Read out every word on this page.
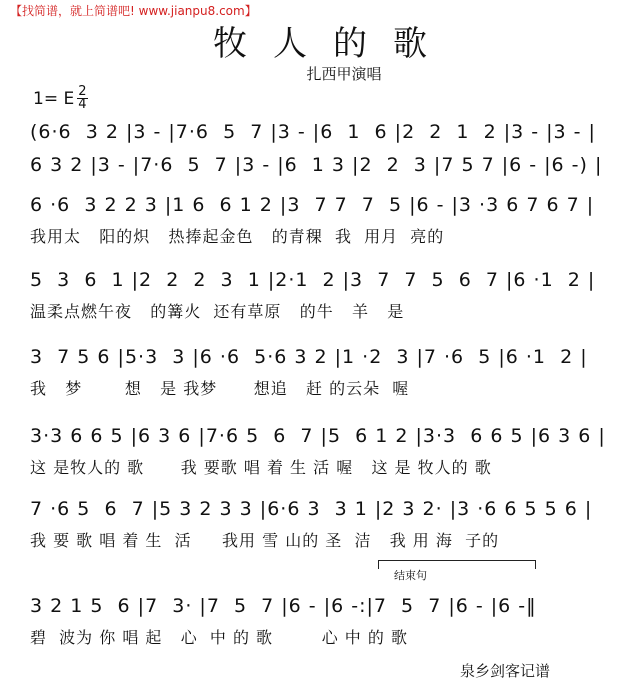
【找简谱，就上简谱吧! www.jianpu8.com】
牧人的歌
扎西甲演唱
1= E $\frac{2}{4}$
(6·6  3 2 |3 - |7·6  5  7 |3 - |6  1  6 |2  2  1  2 |3 - |3 - |
6 3 2 |3 - |7·6  5  7 |3 - |6  1 3 |2  2  3 |7 5 7 |6 - |6 -) |
6 ·6  3 2 2 3 |1 6  6 1 2 |3  7 7  7  5 |6 - |3 ·3 6 7 6 7 |
我用太   阳的炽   热捧起金色   的青稞  我  用月  亮的
5  3  6  1 |2  2  2  3  1 |2·1  2 |3  7  7  5  6  7 |6 ·1  2 |
温柔点燃午夜   的篝火  还有草原   的牛   羊   是
3  7 5 6 |5·3  3 |6 ·6  5·6 3 2 |1 ·2  3 |7 ·6  5 |6 ·1  2 |
我   梦       想   是 我梦      想追   赶 的云朵  喔
3·3 6 6 5 |6 3 6 |7·6 5  6  7 |5  6 1 2 |3·3  6 6 5 |6 3 6 |
这 是牧人的 歌      我 要歌 唱 着 生 活 喔   这 是 牧人的 歌
7 ·6 5  6  7 |5 3 2 3 3 |6·6 3  3 1 |2 3 2· |3 ·6 6 5 5 6 |
我 要 歌 唱 着 生  活     我用 雪 山的 圣  洁   我 用 海  子的
结束句
3 2 1 5  6 |7  3· |7  5  7 |6 - |6 -:|7  5  7 |6 - |6 -‖
碧  波为 你 唱 起   心  中 的 歌        心 中 的 歌
泉乡剑客记谱
